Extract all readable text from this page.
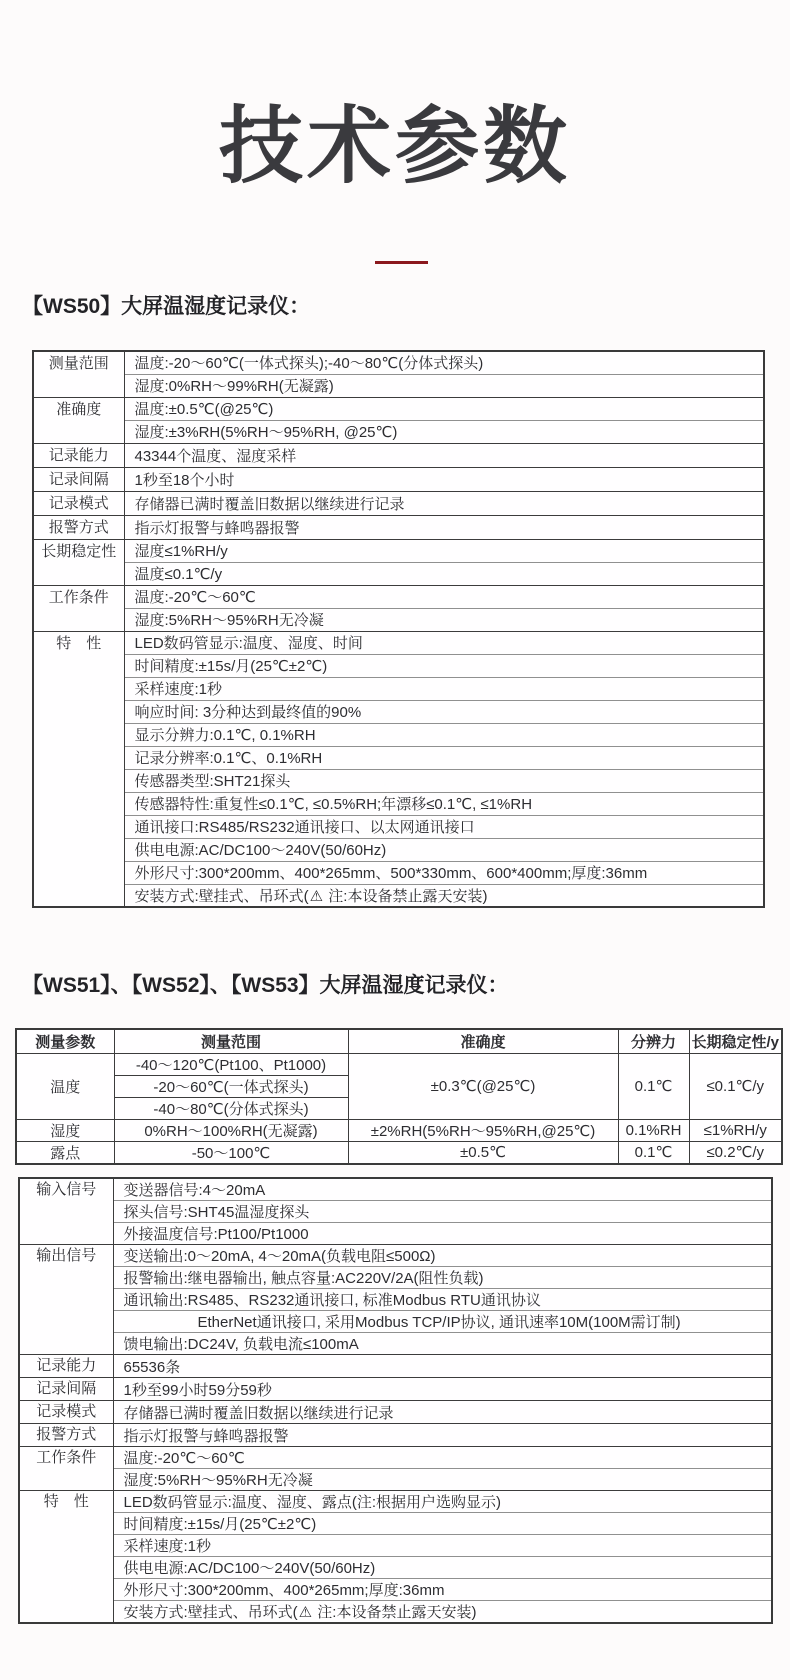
技术参数
【WS50】大屏温湿度记录仪：
测量范围	温度:-20～60℃(一体式探头);-40～80℃(分体式探头)
	湿度:0%RH～99%RH(无凝露)
准确度	温度:±0.5℃(@25℃)
	湿度:±3%RH(5%RH～95%RH, @25℃)
记录能力	43344个温度、湿度采样
记录间隔	1秒至18个小时
记录模式	存储器已满时覆盖旧数据以继续进行记录
报警方式	指示灯报警与蜂鸣器报警
长期稳定性	湿度≤1%RH/y
	温度≤0.1℃/y
工作条件	温度:-20℃～60℃
	湿度:5%RH～95%RH无冷凝
特　性	LED数码管显示:温度、湿度、时间
	时间精度:±15s/月(25℃±2℃)
	采样速度:1秒
	响应时间: 3分种达到最终值的90%
	显示分辨力:0.1℃, 0.1%RH
	记录分辨率:0.1℃、0.1%RH
	传感器类型:SHT21探头
	传感器特性:重复性≤0.1℃, ≤0.5%RH;年漂移≤0.1℃, ≤1%RH
	通讯接口:RS485/RS232通讯接口、以太网通讯接口
	供电电源:AC/DC100～240V(50/60Hz)
	外形尺寸:300*200mm、400*265mm、500*330mm、600*400mm;厚度:36mm
	安装方式:壁挂式、吊环式(⚠ 注:本设备禁止露天安装)
【WS51】、【WS52】、【WS53】大屏温湿度记录仪：
测量参数	测量范围	准确度	分辨力	长期稳定性/y
温度	-40～120℃(Pt100、Pt1000)	±0.3℃(@25℃)	0.1℃	≤0.1℃/y
	-20～60℃(一体式探头)			
	-40～80℃(分体式探头)			
湿度	0%RH～100%RH(无凝露)	±2%RH(5%RH～95%RH,@25℃)	0.1%RH	≤1%RH/y
露点	-50～100℃	±0.5℃	0.1℃	≤0.2℃/y
输入信号	变送器信号:4～20mA
	探头信号:SHT45温湿度探头
	外接温度信号:Pt100/Pt1000
输出信号	变送输出:0～20mA, 4～20mA(负载电阻≤500Ω)
	报警输出:继电器输出, 触点容量:AC220V/2A(阻性负载)
	通讯输出:RS485、RS232通讯接口, 标准Modbus RTU通讯协议
	EtherNet通讯接口, 采用Modbus TCP/IP协议, 通讯速率10M(100M需订制)
	馈电输出:DC24V, 负载电流≤100mA
记录能力	65536条
记录间隔	1秒至99小时59分59秒
记录模式	存储器已满时覆盖旧数据以继续进行记录
报警方式	指示灯报警与蜂鸣器报警
工作条件	温度:-20℃～60℃
	湿度:5%RH～95%RH无冷凝
特　性	LED数码管显示:温度、湿度、露点(注:根据用户选购显示)
	时间精度:±15s/月(25℃±2℃)
	采样速度:1秒
	供电电源:AC/DC100～240V(50/60Hz)
	外形尺寸:300*200mm、400*265mm;厚度:36mm
	安装方式:壁挂式、吊环式(⚠ 注:本设备禁止露天安装)
